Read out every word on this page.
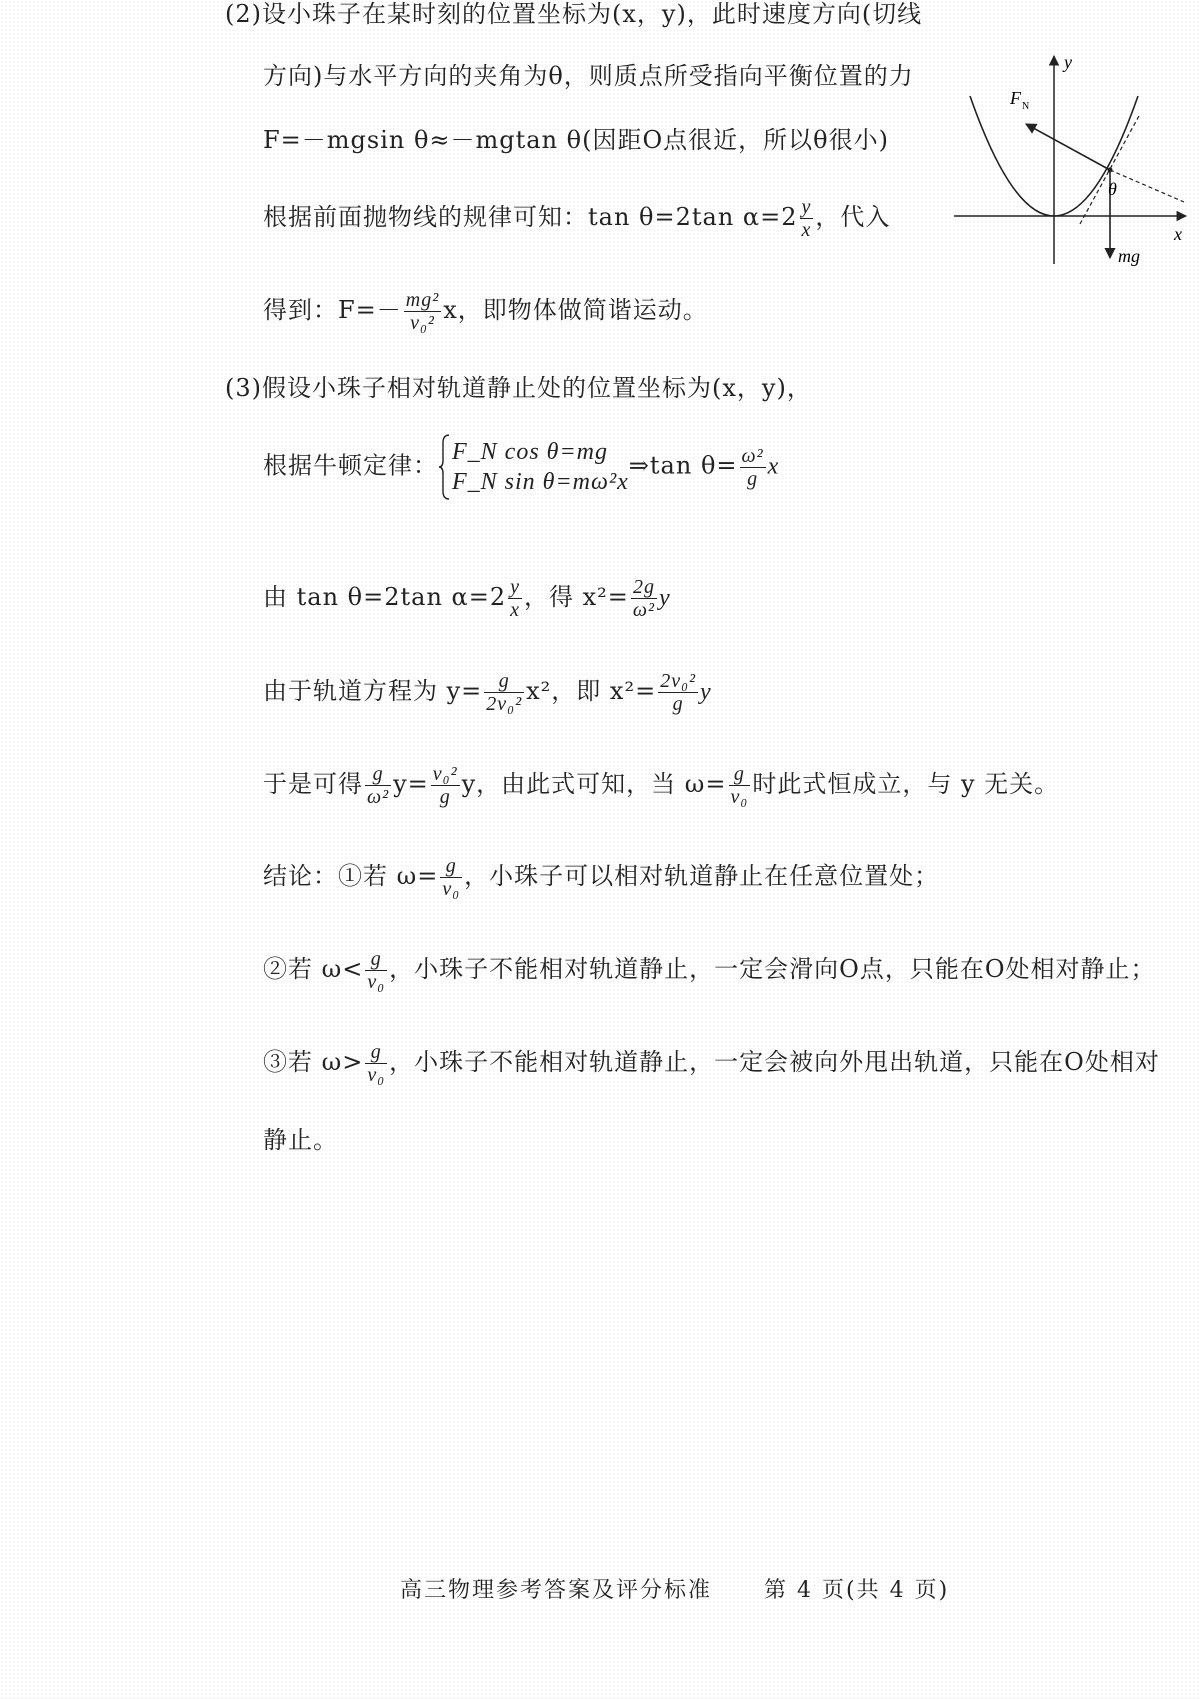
(2)设小珠子在某时刻的位置坐标为(x，y)，此时速度方向(切线
方向)与水平方向的夹角为θ，则质点所受指向平衡位置的力
F=－mgsin θ≈－mgtan θ(因距O点很近，所以θ很小)
根据前面抛物线的规律可知：tan θ=2tan $\alpha=2 \frac{y}{x}$ ，代入
得到：$F=- \frac{\text{mg²}}{\text{v₀²}}$ x，即物体做简谐运动。
y
x
F N
θ
mg
(3)假设小珠子相对轨道静止处的位置坐标为(x，y)，
根据牛顿定律： F_N cos θ=mg
F_N sin θ=mω²x
⇒tan $\theta= \frac{\text{ω²}}{g}$ x
由 tan θ=2tan $\alpha=2 \frac{y}{x}$ ，得 $x^2= \frac{2g}{\text{ω²}}$ y
由于轨道方程为 $y= \frac{g}{\text{2v₀²}} x^2$，即 $x^2= \frac{\text{2v₀²}}{g}$ y
于是可得 $\frac{g}{\text{ω²}} y= \frac{\text{v₀²}}{g}$ y，由此式可知，当 $\omega= \frac{g}{\text{v₀}}$ 时此式恒成立，与 y 无关。
结论：①若 $\omega= \frac{g}{\text{v₀}}$ ，小珠子可以相对轨道静止在任意位置处；
②若 $\omega< \frac{g}{\text{v₀}}$ ，小珠子不能相对轨道静止，一定会滑向O点，只能在O处相对静止；
③若 $\omega> \frac{g}{\text{v₀}}$ ，小珠子不能相对轨道静止，一定会被向外甩出轨道，只能在O处相对
静止。
高三物理参考答案及评分标准 第 4 页(共 4 页)
